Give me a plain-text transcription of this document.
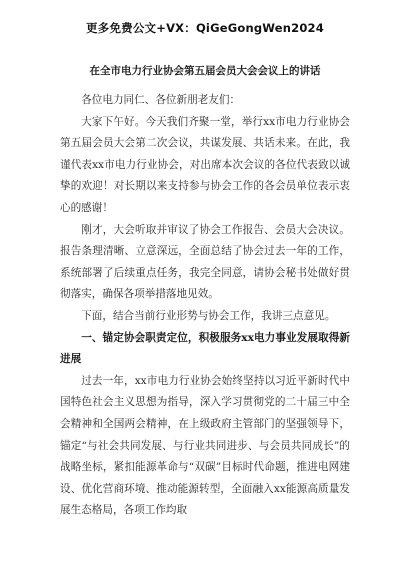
更多免费公文+VX：QiGeGongWen2024
在全市电力行业协会第五届会员大会会议上的讲话

各位电力同仁、各位新朋老友们：

大家下午好。今天我们齐聚一堂，举行xx市电力行业协会第五届会员大会第二次会议，共谋发展、共话未来。在此，我谨代表xx市电力行业协会，对出席本次会议的各位代表致以诚挚的欢迎！对长期以来支持参与协会工作的各会员单位表示衷心的感谢！

刚才，大会听取并审议了协会工作报告、会员大会决议。报告条理清晰、立意深远，全面总结了协会过去一年的工作，系统部署了后续重点任务，我完全同意，请协会秘书处做好贯彻落实，确保各项举措落地见效。

下面，结合当前行业形势与协会工作，我讲三点意见。

一、锚定协会职责定位，积极服务xx电力事业发展取得新进展

过去一年，xx市电力行业协会始终坚持以习近平新时代中国特色社会主义思想为指导，深入学习贯彻党的二十届三中全会精神和全国两会精神，在上级政府主管部门的坚强领导下，锚定“与社会共同发展、与行业共同进步、与会员共同成长”的战略坐标，紧扣能源革命与“双碳”目标时代命题，推进电网建设、优化营商环境、推动能源转型，全面融入xx能源高质量发展生态格局，各项工作均取
